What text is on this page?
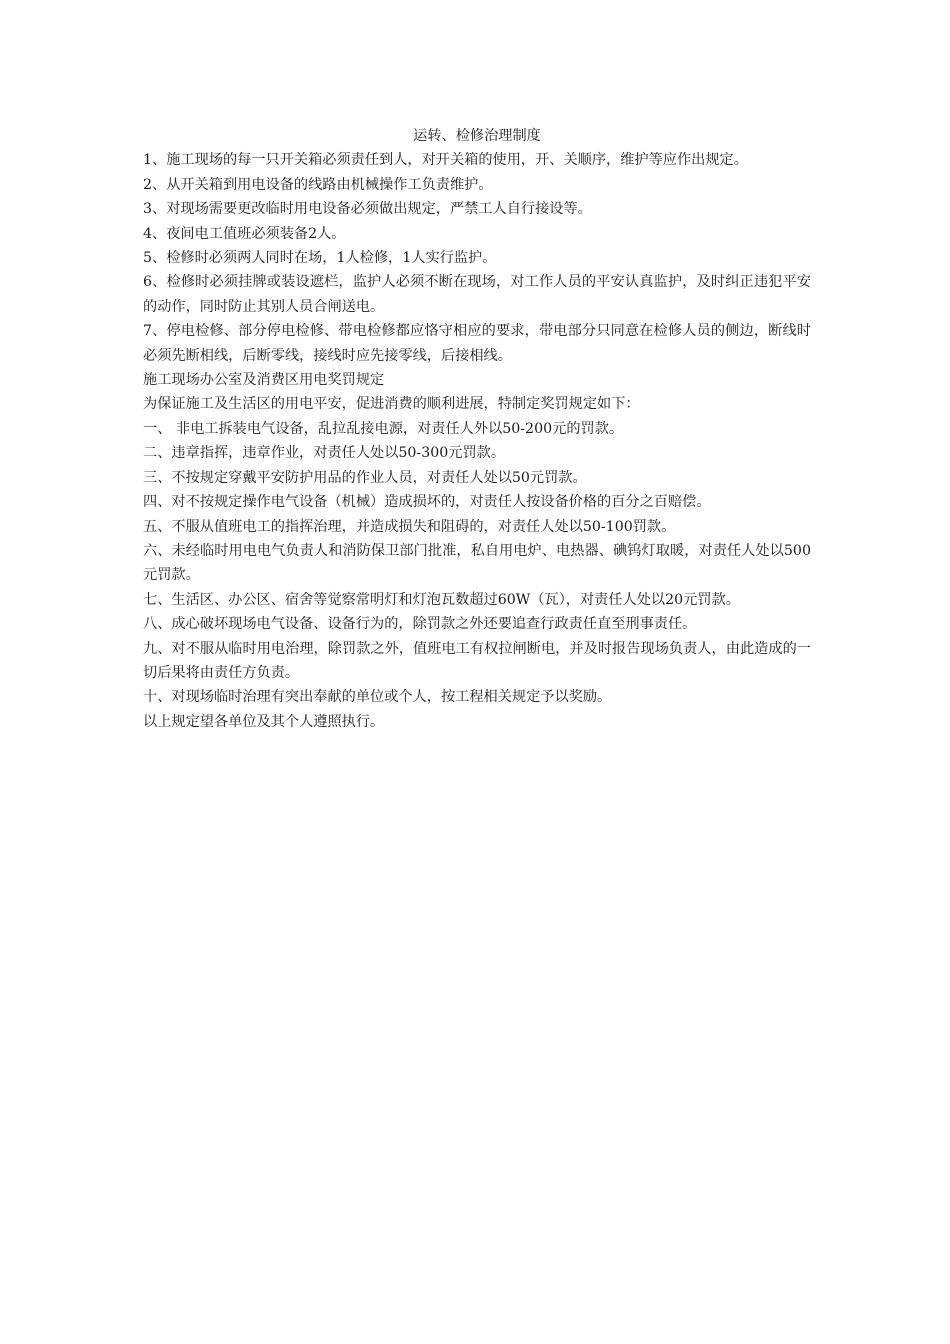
运转、检修治理制度

1、施工现场的每一只开关箱必须责任到人，对开关箱的使用，开、关顺序，维护等应作出规定。

2、从开关箱到用电设备的线路由机械操作工负责维护。

3、对现场需要更改临时用电设备必须做出规定，严禁工人自行接设等。

4、夜间电工值班必须装备2人。

5、检修时必须两人同时在场，1人检修，1人实行监护。

6、检修时必须挂牌或装设遮栏，监护人必须不断在现场，对工作人员的平安认真监护，及时纠正违犯平安的动作，同时防止其别人员合闸送电。

7、停电检修、部分停电检修、带电检修都应恪守相应的要求，带电部分只同意在检修人员的侧边，断线时必须先断相线，后断零线，接线时应先接零线，后接相线。

施工现场办公室及消费区用电奖罚规定

为保证施工及生活区的用电平安，促进消费的顺利进展，特制定奖罚规定如下：

一、 非电工拆装电气设备，乱拉乱接电源，对责任人外以50-200元的罚款。

二、违章指挥，违章作业，对责任人处以50-300元罚款。

三、不按规定穿戴平安防护用品的作业人员，对责任人处以50元罚款。

四、对不按规定操作电气设备（机械）造成损坏的，对责任人按设备价格的百分之百赔偿。

五、不服从值班电工的指挥治理，并造成损失和阻碍的，对责任人处以50-100罚款。

六、未经临时用电电气负责人和消防保卫部门批准，私自用电炉、电热器、碘钨灯取暖，对责任人处以500元罚款。

七、生活区、办公区、宿舍等觉察常明灯和灯泡瓦数超过60W（瓦），对责任人处以20元罚款。

八、成心破坏现场电气设备、设备行为的，除罚款之外还要追查行政责任直至刑事责任。

九、对不服从临时用电治理，除罚款之外，值班电工有权拉闸断电，并及时报告现场负责人，由此造成的一切后果将由责任方负责。

十、对现场临时治理有突出奉献的单位或个人，按工程相关规定予以奖励。

以上规定望各单位及其个人遵照执行。
